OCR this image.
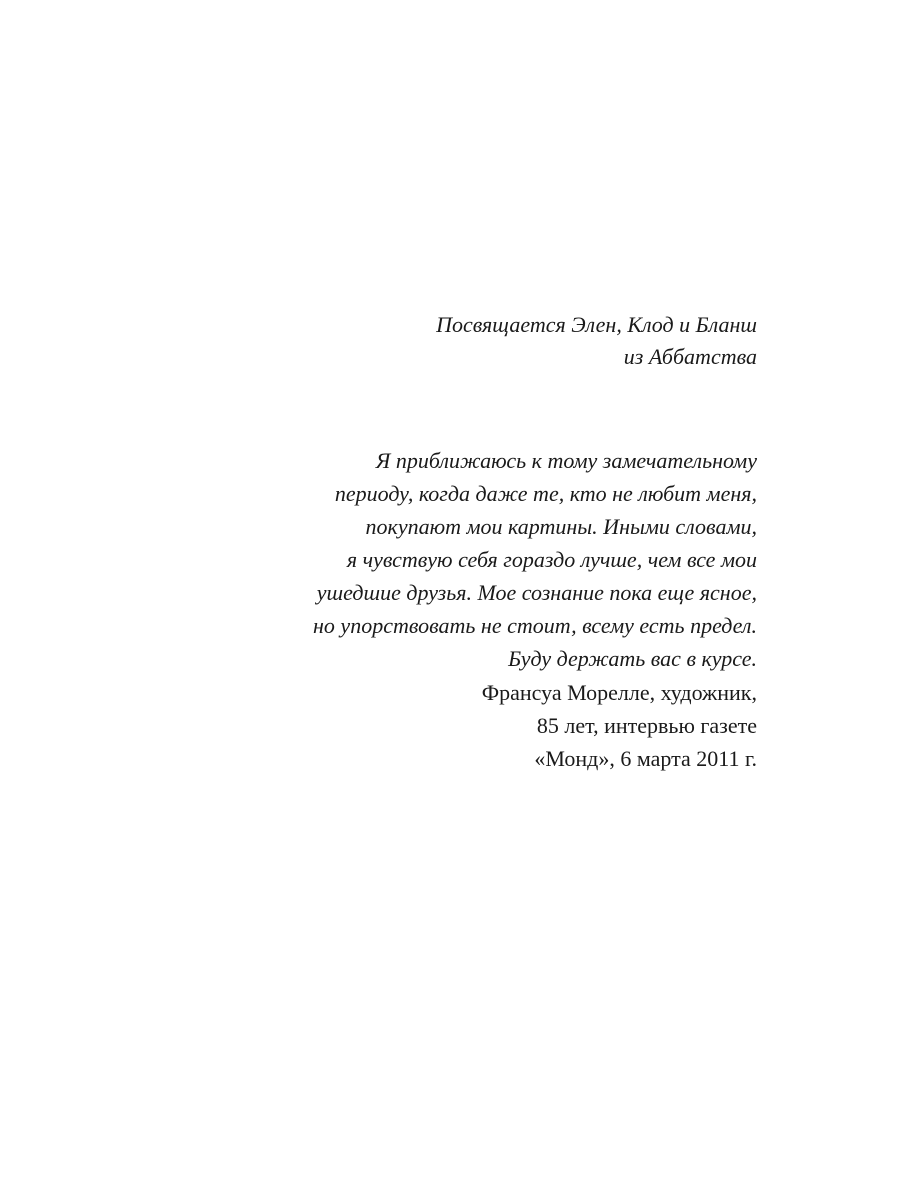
Посвящается Элен, Клод и Бланш
из Аббатства
Я приближаюсь к тому замечательному
периоду, когда даже те, кто не любит меня,
покупают мои картины. Иными словами,
я чувствую себя гораздо лучше, чем все мои
ушедшие друзья. Мое сознание пока еще ясное,
но упорствовать не стоит, всему есть предел.
Буду держать вас в курсе.
Франсуа Морелле, художник,
85 лет, интервью газете
«Монд», 6 марта 2011 г.
